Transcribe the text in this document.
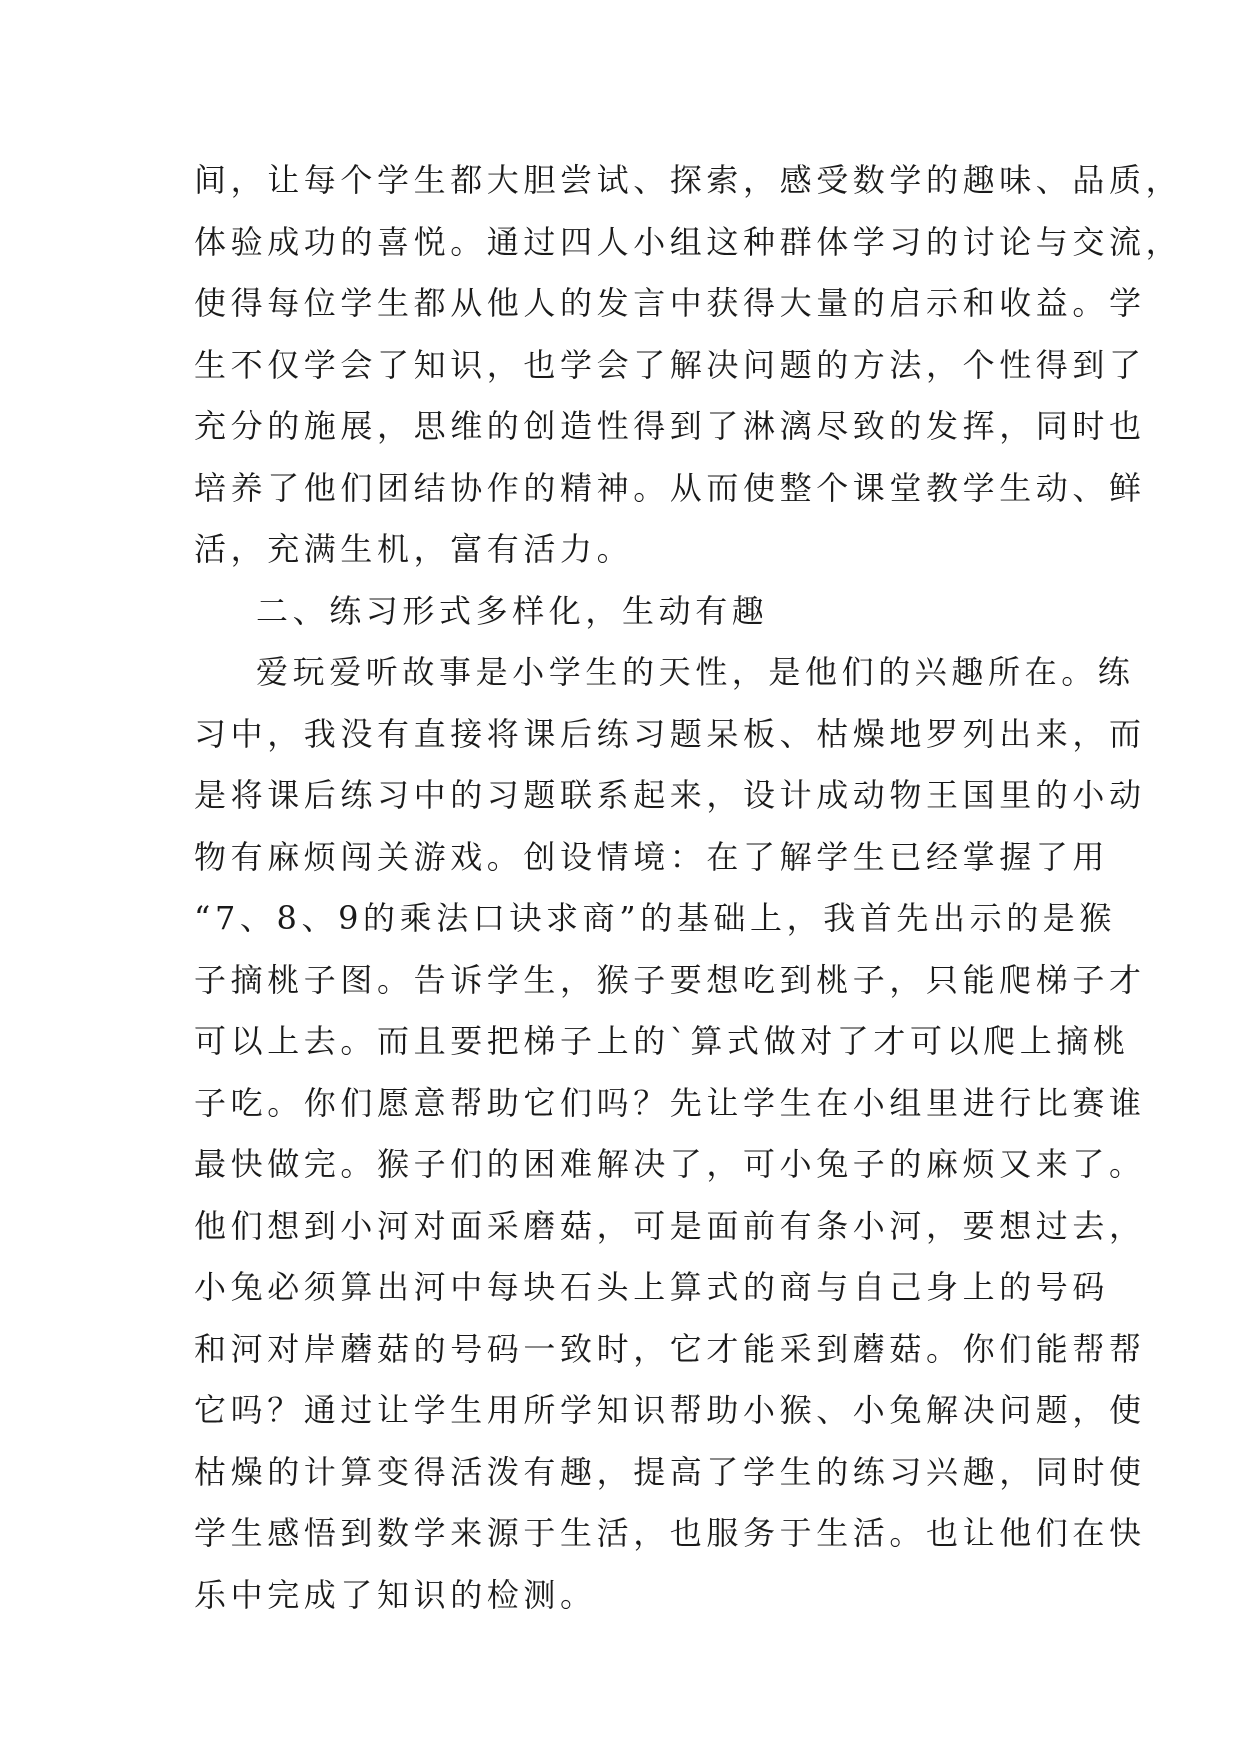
间，让每个学生都大胆尝试、探索，感受数学的趣味、品质，
体验成功的喜悦。通过四人小组这种群体学习的讨论与交流，
使得每位学生都从他人的发言中获得大量的启示和收益。学
生不仅学会了知识，也学会了解决问题的方法，个性得到了
充分的施展，思维的创造性得到了淋漓尽致的发挥，同时也
培养了他们团结协作的精神。从而使整个课堂教学生动、鲜
活，充满生机，富有活力。
二、练习形式多样化，生动有趣
爱玩爱听故事是小学生的天性，是他们的兴趣所在。练
习中，我没有直接将课后练习题呆板、枯燥地罗列出来，而
是将课后练习中的习题联系起来，设计成动物王国里的小动
物有麻烦闯关游戏。创设情境：在了解学生已经掌握了用
“7、8、9的乘法口诀求商”的基础上，我首先出示的是猴
子摘桃子图。告诉学生，猴子要想吃到桃子，只能爬梯子才
可以上去。而且要把梯子上的`算式做对了才可以爬上摘桃
子吃。你们愿意帮助它们吗？先让学生在小组里进行比赛谁
最快做完。猴子们的困难解决了，可小兔子的麻烦又来了。
他们想到小河对面采磨菇，可是面前有条小河，要想过去，
小兔必须算出河中每块石头上算式的商与自己身上的号码
和河对岸蘑菇的号码一致时，它才能采到蘑菇。你们能帮帮
它吗？通过让学生用所学知识帮助小猴、小兔解决问题，使
枯燥的计算变得活泼有趣，提高了学生的练习兴趣，同时使
学生感悟到数学来源于生活，也服务于生活。也让他们在快
乐中完成了知识的检测。
